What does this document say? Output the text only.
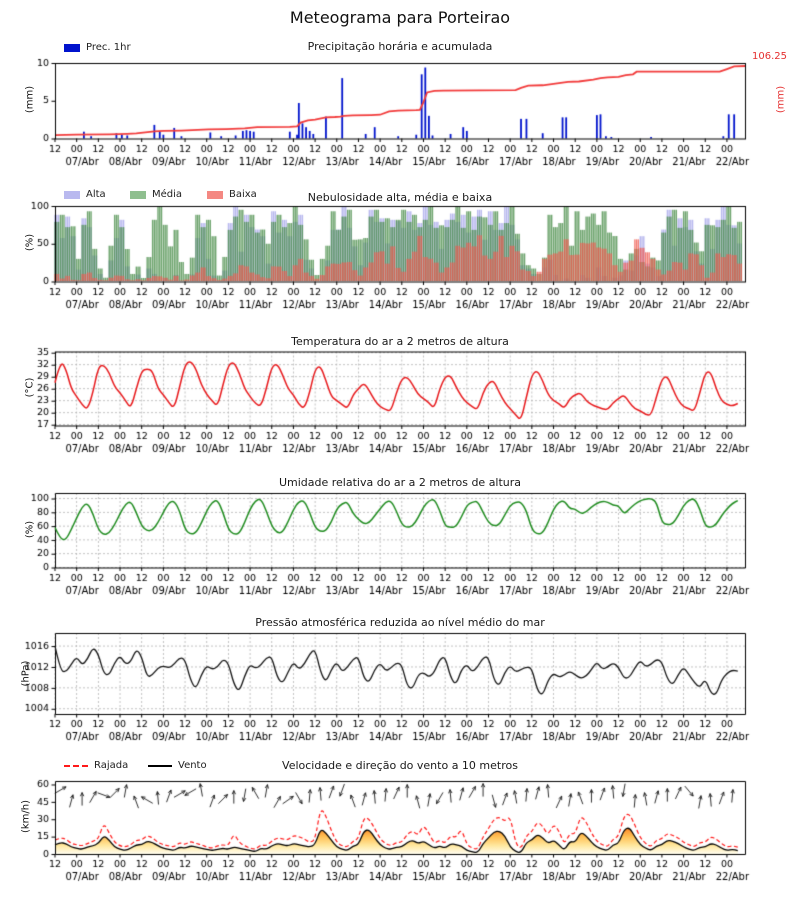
Meteograma para Porteirao
Precipitação horária e acumulada
Nebulosidade alta, média e baixa
Temperatura do ar a 2 metros de altura
Umidade relativa do ar a 2 metros de altura
Pressão atmosférica reduzida ao nível médio do mar
Velocidade e direção do vento a 10 metros
(mm)
(%)
(°C)
(%)
(hPa)
(km/h)
106.25
(mm)
Prec. 1hr
Alta	Média	Baixa
Rajada	Vento
